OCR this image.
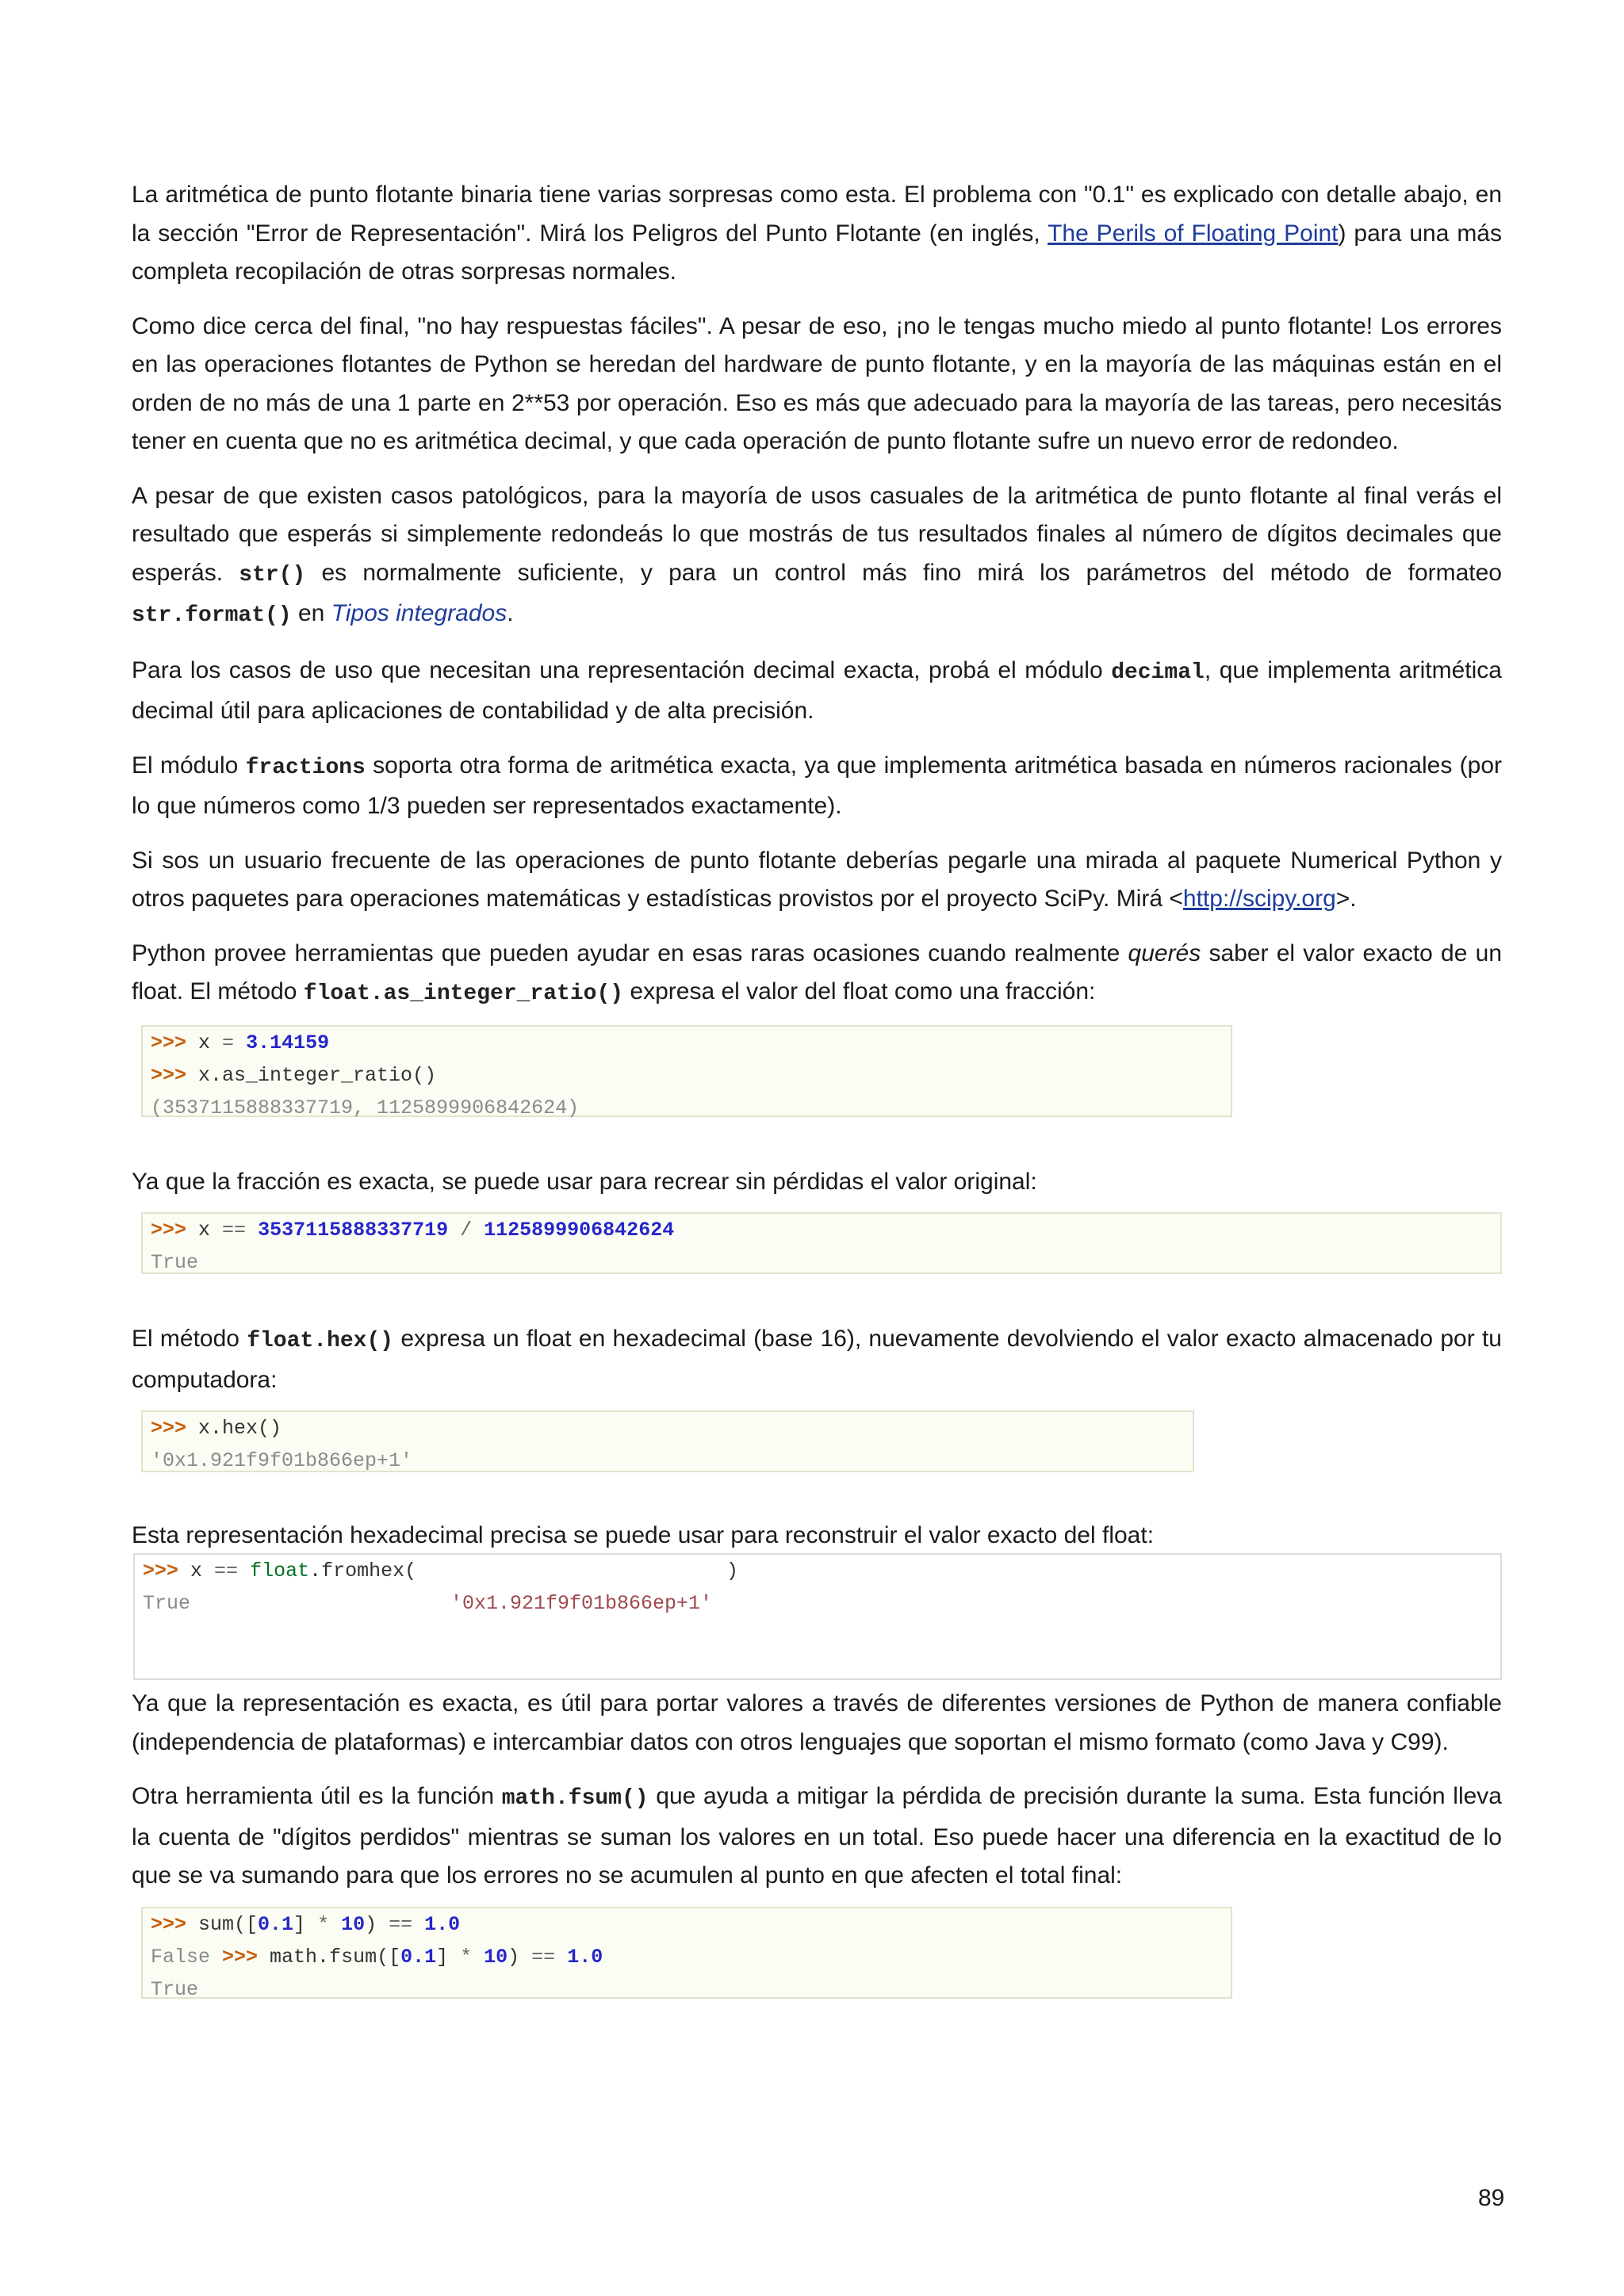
La aritmética de punto flotante binaria tiene varias sorpresas como esta. El problema con "0.1" es explicado con detalle abajo, en la sección "Error de Representación". Mirá los Peligros del Punto Flotante (en inglés, The Perils of Floating Point) para una más completa recopilación de otras sorpresas normales.

Como dice cerca del final, "no hay respuestas fáciles". A pesar de eso, ¡no le tengas mucho miedo al punto flotante! Los errores en las operaciones flotantes de Python se heredan del hardware de punto flotante, y en la mayoría de las máquinas están en el orden de no más de una 1 parte en 2**53 por operación. Eso es más que adecuado para la mayoría de las tareas, pero necesitás tener en cuenta que no es aritmética decimal, y que cada operación de punto flotante sufre un nuevo error de redondeo.

A pesar de que existen casos patológicos, para la mayoría de usos casuales de la aritmética de punto flotante al final verás el resultado que esperás si simplemente redondeás lo que mostrás de tus resultados finales al número de dígitos decimales que esperás. str() es normalmente suficiente, y para un control más fino mirá los parámetros del método de formateo str.format() en Tipos integrados.

Para los casos de uso que necesitan una representación decimal exacta, probá el módulo decimal, que implementa aritmética decimal útil para aplicaciones de contabilidad y de alta precisión.

El módulo fractions soporta otra forma de aritmética exacta, ya que implementa aritmética basada en números racionales (por lo que números como 1/3 pueden ser representados exactamente).

Si sos un usuario frecuente de las operaciones de punto flotante deberías pegarle una mirada al paquete Numerical Python y otros paquetes para operaciones matemáticas y estadísticas provistos por el proyecto SciPy. Mirá <http://scipy.org>.

Python provee herramientas que pueden ayudar en esas raras ocasiones cuando realmente querés saber el valor exacto de un float. El método float.as_integer_ratio() expresa el valor del float como una fracción:

>>> x = 3.14159
>>> x.as_integer_ratio()
(3537115888337719, 1125899906842624)

Ya que la fracción es exacta, se puede usar para recrear sin pérdidas el valor original:

>>> x == 3537115888337719 / 1125899906842624
True

El método float.hex() expresa un float en hexadecimal (base 16), nuevamente devolviendo el valor exacto almacenado por tu computadora:

>>> x.hex()
'0x1.921f9f01b866ep+1'

Esta representación hexadecimal precisa se puede usar para reconstruir el valor exacto del float:

>>> x == float.fromhex(	)
True	'0x1.921f9f01b866ep+1'

Ya que la representación es exacta, es útil para portar valores a través de diferentes versiones de Python de manera confiable (independencia de plataformas) e intercambiar datos con otros lenguajes que soportan el mismo formato (como Java y C99).

Otra herramienta útil es la función math.fsum() que ayuda a mitigar la pérdida de precisión durante la suma. Esta función lleva la cuenta de "dígitos perdidos" mientras se suman los valores en un total. Eso puede hacer una diferencia en la exactitud de lo que se va sumando para que los errores no se acumulen al punto en que afecten el total final:

>>> sum([0.1] * 10) == 1.0
False >>> math.fsum([0.1] * 10) == 1.0
True
89
